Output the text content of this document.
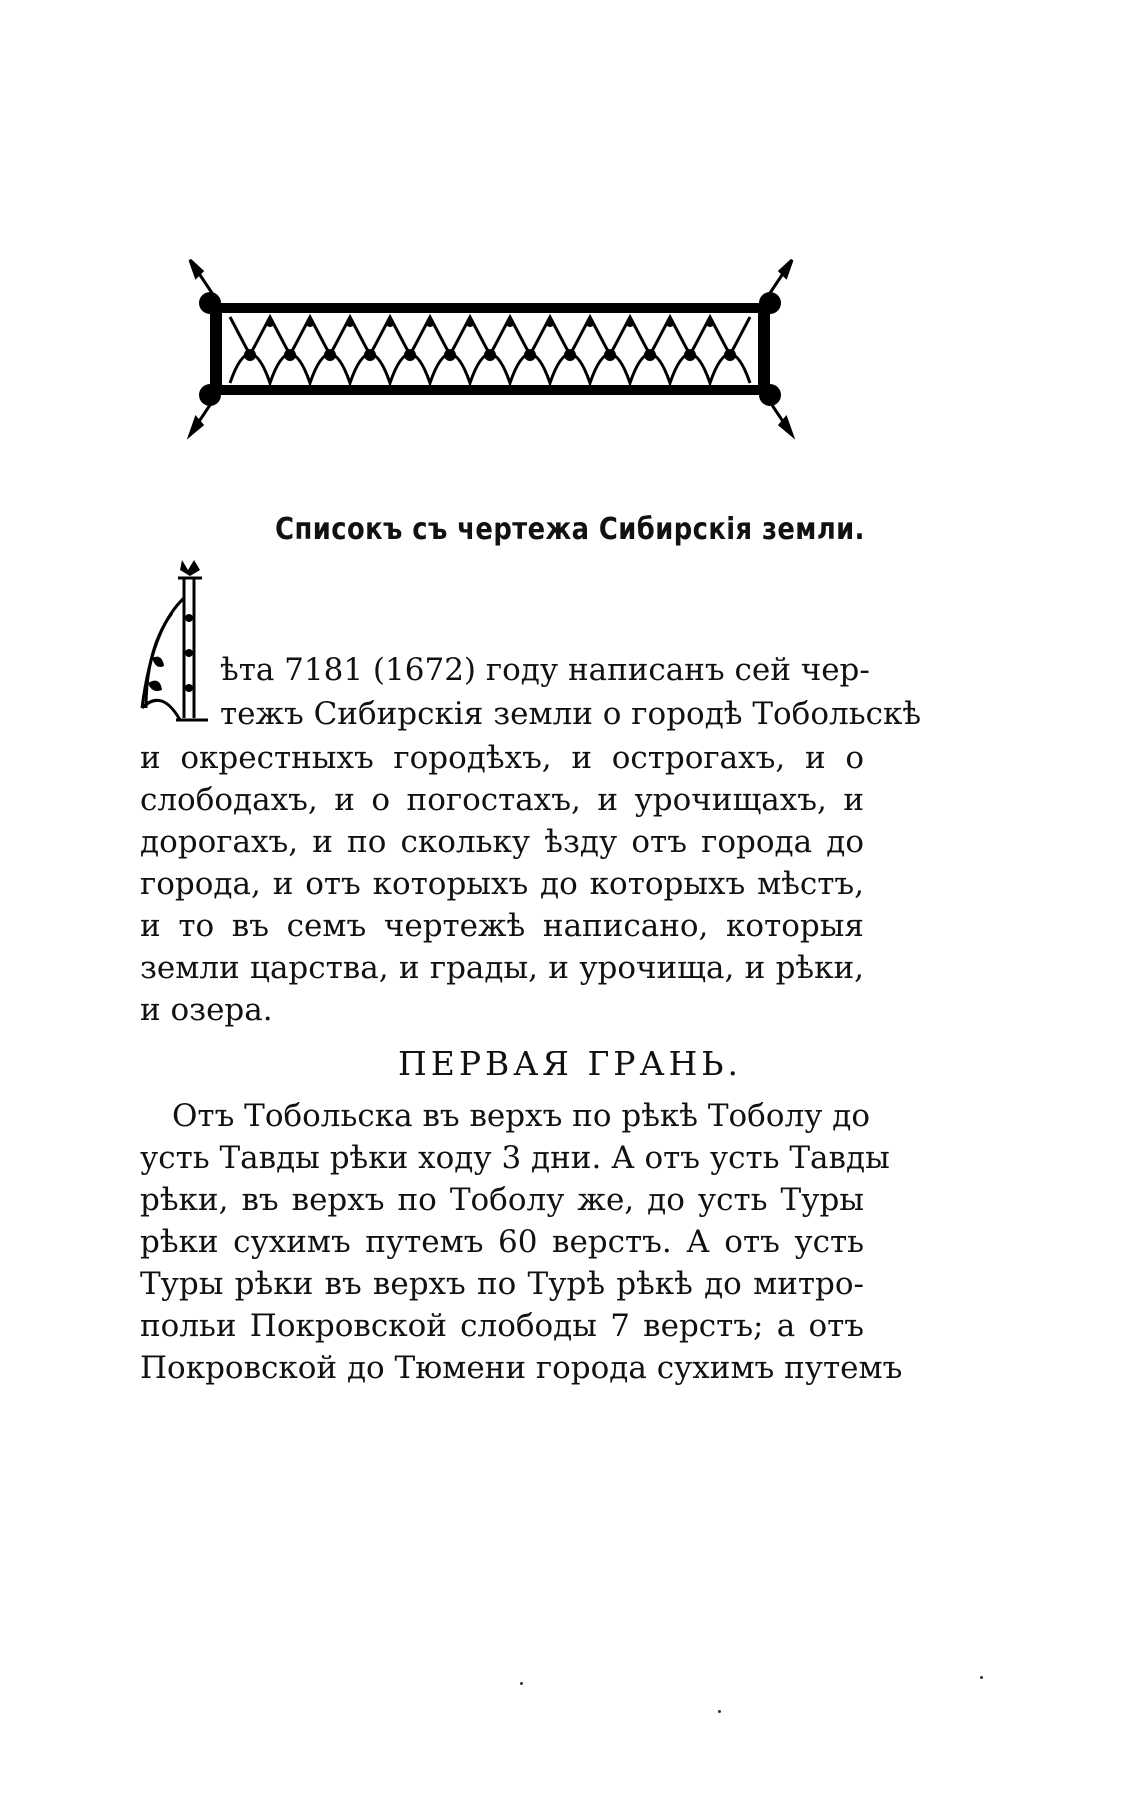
Списокъ съ чертежа Сибирскія земли.
Л
ѣта 7181 (1672) году написанъ сей чер-
тежъ Сибирскія земли о городѣ Тобольскѣ
и окрестныхъ городѣхъ, и острогахъ, и о
слободахъ, и о погостахъ, и урочищахъ, и
дорогахъ, и по скольку ѣзду отъ города до
города, и отъ которыхъ до которыхъ мѣстъ,
и то въ семъ чертежѣ написано, которыя
земли царства, и грады, и урочища, и рѣки,
и озера.
ПЕРВАЯ ГРАНЬ.
Отъ Тобольска въ верхъ по рѣкѣ Тоболу до
усть Тавды рѣки ходу 3 дни. А отъ усть Тавды
рѣки, въ верхъ по Тоболу же, до усть Туры
рѣки сухимъ путемъ 60 верстъ. А отъ усть
Туры рѣки въ верхъ по Турѣ рѣкѣ до митро-
польи Покровской слободы 7 верстъ; а отъ
Покровской до Тюмени города сухимъ путемъ
